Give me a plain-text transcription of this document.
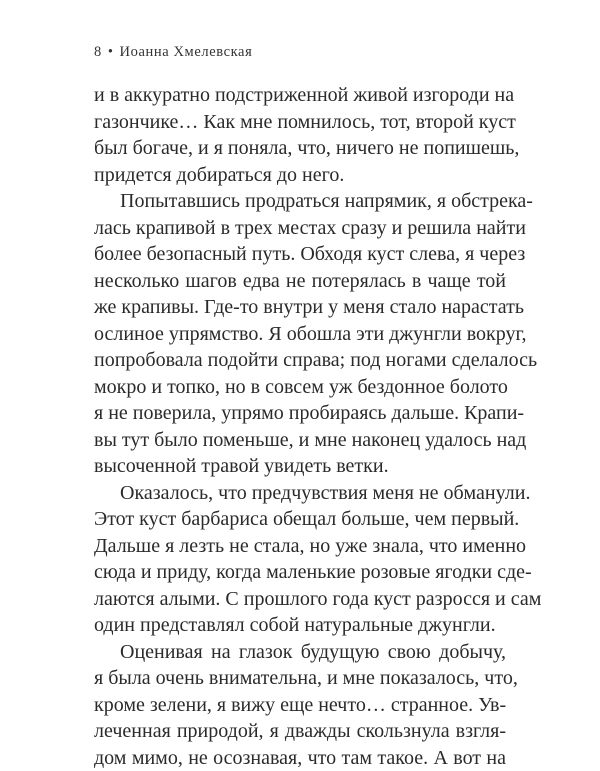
8 • Иоанна Хмелевская

и в аккуратно подстриженной живой изгороди на
газончике… Как мне помнилось, тот, второй куст
был богаче, и я поняла, что, ничего не попишешь,
придется добираться до него.

Попытавшись продраться напрямик, я обстрека-
лась крапивой в трех местах сразу и решила найти
более безопасный путь. Обходя куст слева, я через
несколько шагов едва не потерялась в чаще той
же крапивы. Где-то внутри у меня стало нарастать
ослиное упрямство. Я обошла эти джунгли вокруг,
попробовала подойти справа; под ногами сделалось
мокро и топко, но в совсем уж бездонное болото
я не поверила, упрямо пробираясь дальше. Крапи-
вы тут было поменьше, и мне наконец удалось над
высоченной травой увидеть ветки.

Оказалось, что предчувствия меня не обманули.
Этот куст барбариса обещал больше, чем первый.
Дальше я лезть не стала, но уже знала, что именно
сюда и приду, когда маленькие розовые ягодки сде-
лаются алыми. С прошлого года куст разросся и сам
один представлял собой натуральные джунгли.

Оценивая на глазок будущую свою добычу,
я была очень внимательна, и мне показалось, что,
кроме зелени, я вижу еще нечто… странное. Ув-
леченная природой, я дважды скользнула взгля-
дом мимо, не осознавая, что там такое. А вот на
